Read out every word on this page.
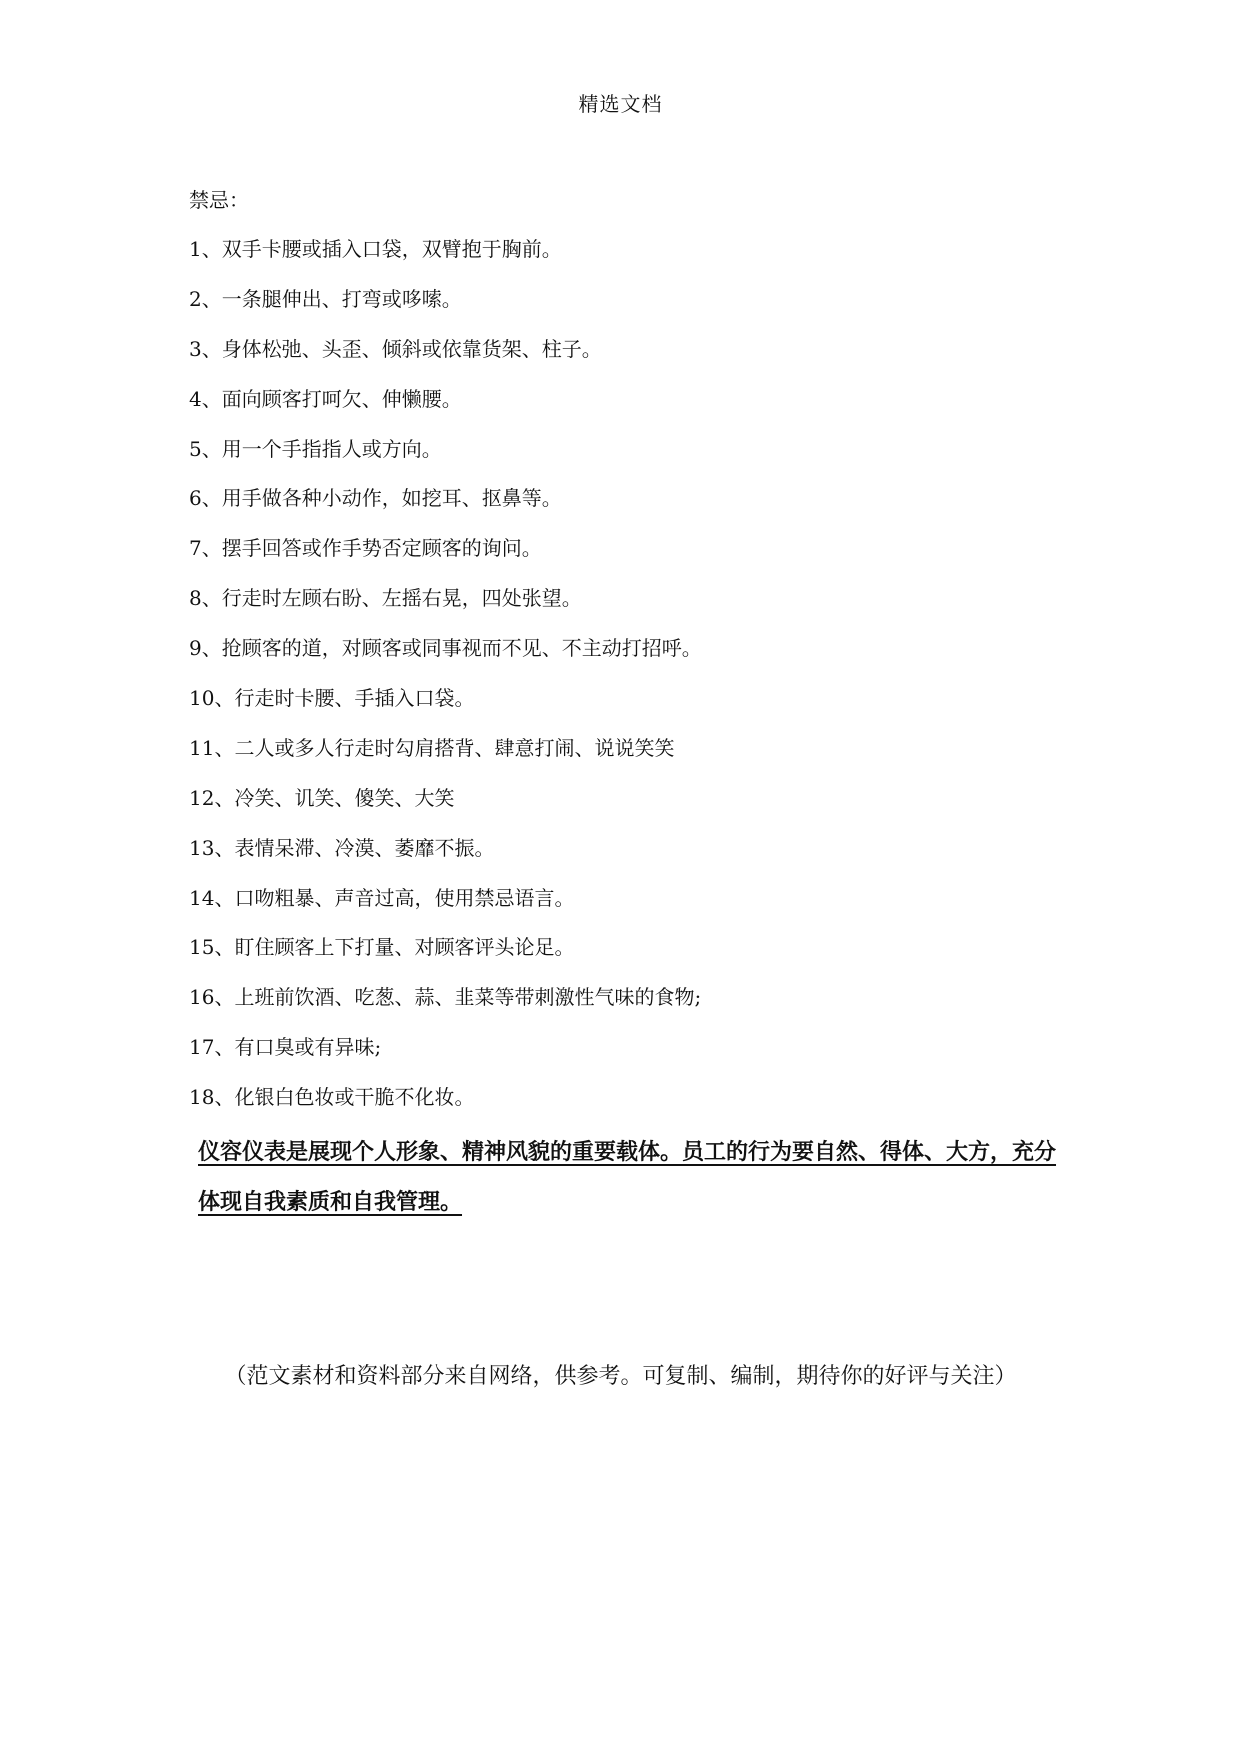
精选文档
禁忌：
1、双手卡腰或插入口袋，双臂抱于胸前。
2、一条腿伸出、打弯或哆嗦。
3、身体松弛、头歪、倾斜或依靠货架、柱子。
4、面向顾客打呵欠、伸懒腰。
5、用一个手指指人或方向。
6、用手做各种小动作，如挖耳、抠鼻等。
7、摆手回答或作手势否定顾客的询问。
8、行走时左顾右盼、左摇右晃，四处张望。
9、抢顾客的道，对顾客或同事视而不见、不主动打招呼。
10、行走时卡腰、手插入口袋。
11、二人或多人行走时勾肩搭背、肆意打闹、说说笑笑
12、冷笑、讥笑、傻笑、大笑
13、表情呆滞、冷漠、萎靡不振。
14、口吻粗暴、声音过高，使用禁忌语言。
15、盯住顾客上下打量、对顾客评头论足。
16、上班前饮酒、吃葱、蒜、韭菜等带刺激性气味的食物;
17、有口臭或有异味;
18、化银白色妆或干脆不化妆。
仪容仪表是展现个人形象、精神风貌的重要载体。员工的行为要自然、得体、大方，充分体现自我素质和自我管理。
（范文素材和资料部分来自网络，供参考。可复制、编制，期待你的好评与关注）
